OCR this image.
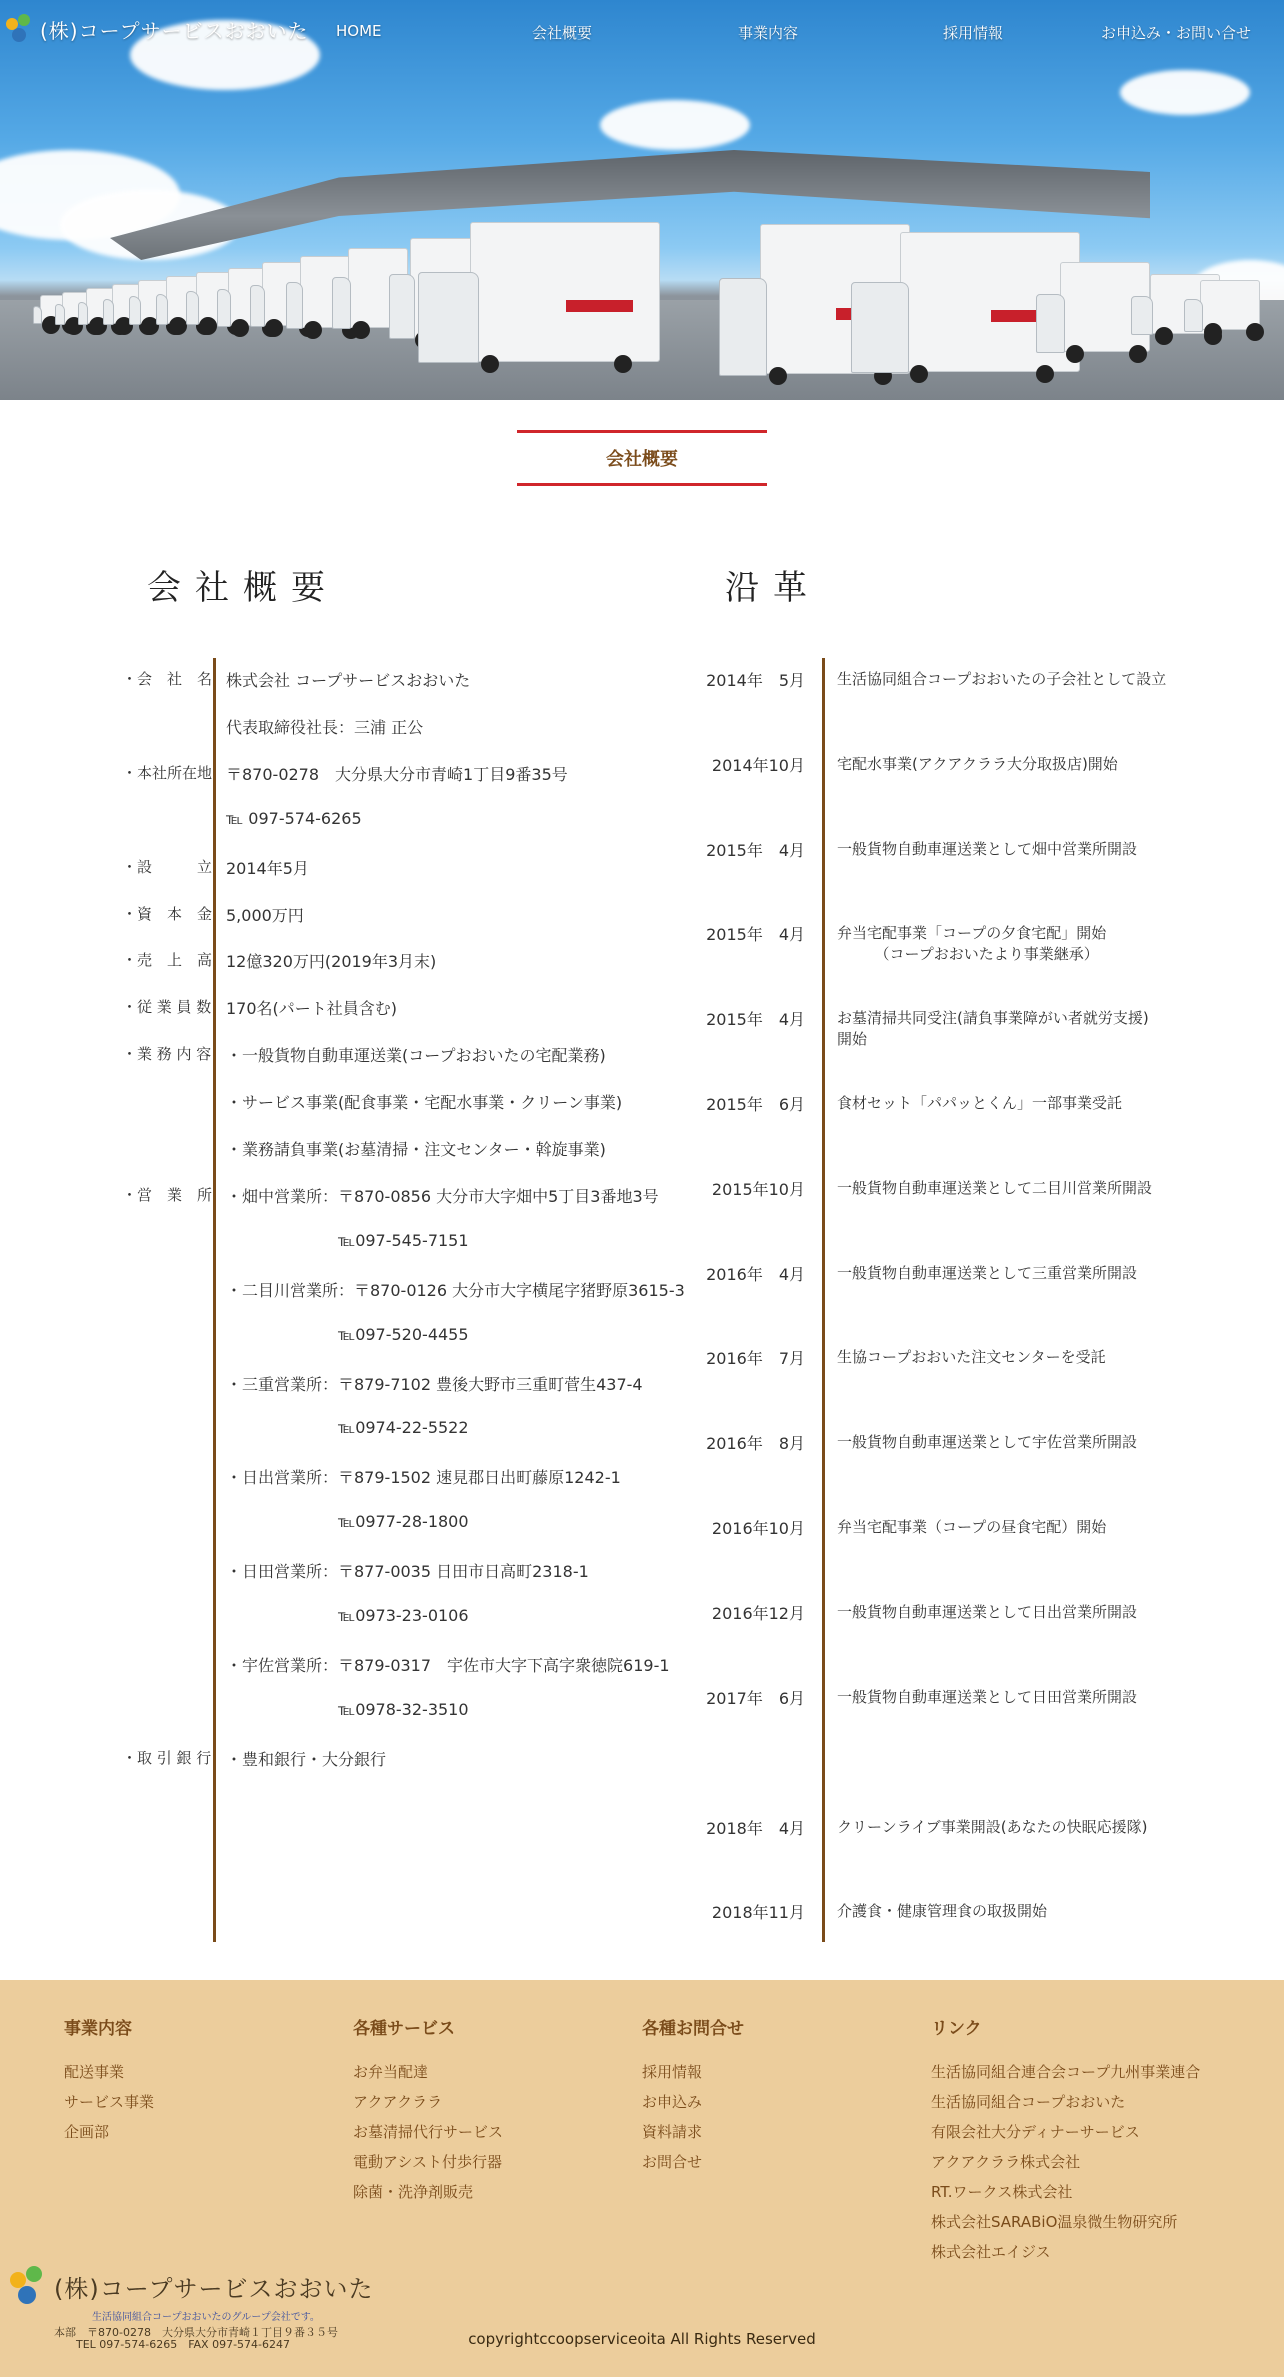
(株)コープサービスおおいた HOME	会社概要	事業内容	採用情報	お申込み・お問い合せ
会社概要
会社概要	沿革
・会　社　名 株式会社 コープサービスおおいた
代表取締役社長：三浦 正公
・本社所在地 〒870-0278　大分県大分市青崎1丁目9番35号
℡ 097-574-6265
・設　　　立 2014年5月
・資　本　金 5,000万円
・売　上　高 12億320万円(2019年3月末)
・従 業 員 数 170名(パート社員含む)
・業 務 内 容 ・一般貨物自動車運送業(コープおおいたの宅配業務)
・サービス事業(配食事業・宅配水事業・クリーン事業)
・業務請負事業(お墓清掃・注文センター・斡旋事業)
・営　業　所 ・畑中営業所：〒870-0856 大分市大字畑中5丁目3番地3号
℡097-545-7151
・二目川営業所：〒870-0126 大分市大字横尾字猪野原3615-3
℡097-520-4455
・三重営業所：〒879-7102 豊後大野市三重町菅生437-4
℡0974-22-5522
・日出営業所：〒879-1502 速見郡日出町藤原1242-1
℡0977-28-1800
・日田営業所：〒877-0035 日田市日高町2318-1
℡0973-23-0106
・宇佐営業所：〒879-0317　宇佐市大字下高字衆徳院619-1
℡0978-32-3510
・取 引 銀 行 ・豊和銀行・大分銀行
2014年　5月 生活協同組合コープおおいたの子会社として設立
2014年10月 宅配水事業(アクアクララ大分取扱店)開始
2015年　4月 一般貨物自動車運送業として畑中営業所開設
2015年　4月 弁当宅配事業「コープの夕食宅配」開始
　　　（コープおおいたより事業継承）
2015年　4月 お墓清掃共同受注(請負事業障がい者就労支援)
開始
2015年　6月 食材セット「パパッとくん」一部事業受託
2015年10月 一般貨物自動車運送業として二目川営業所開設
2016年　4月 一般貨物自動車運送業として三重営業所開設
2016年　7月 生協コープおおいた注文センターを受託
2016年　8月 一般貨物自動車運送業として宇佐営業所開設
2016年10月 弁当宅配事業（コープの昼食宅配）開始
2016年12月 一般貨物自動車運送業として日出営業所開設
2017年　6月 一般貨物自動車運送業として日田営業所開設
2018年　4月 クリーンライブ事業開設(あなたの快眠応援隊)
2018年11月 介護食・健康管理食の取扱開始
事業内容
配送事業
サービス事業
企画部
各種サービス
お弁当配達
アクアクララ
お墓清掃代行サービス
電動アシスト付歩行器
除菌・洗浄剤販売
各種お問合せ
採用情報
お申込み
資料請求
お問合せ
リンク
生活協同組合連合会コープ九州事業連合
生活協同組合コープおおいた
有限会社大分ディナーサービス
アクアクララ株式会社
RT.ワークス株式会社
株式会社SARABiO温泉微生物研究所
株式会社エイジス
(株)コープサービスおおいた
生活協同組合コープおおいたのグループ会社です。
本部　〒870-0278　大分県大分市青崎１丁目９番３５号
　　TEL 097-574-6265　FAX 097-574-6247	copyrightccoopserviceoita All Rights Reserved
